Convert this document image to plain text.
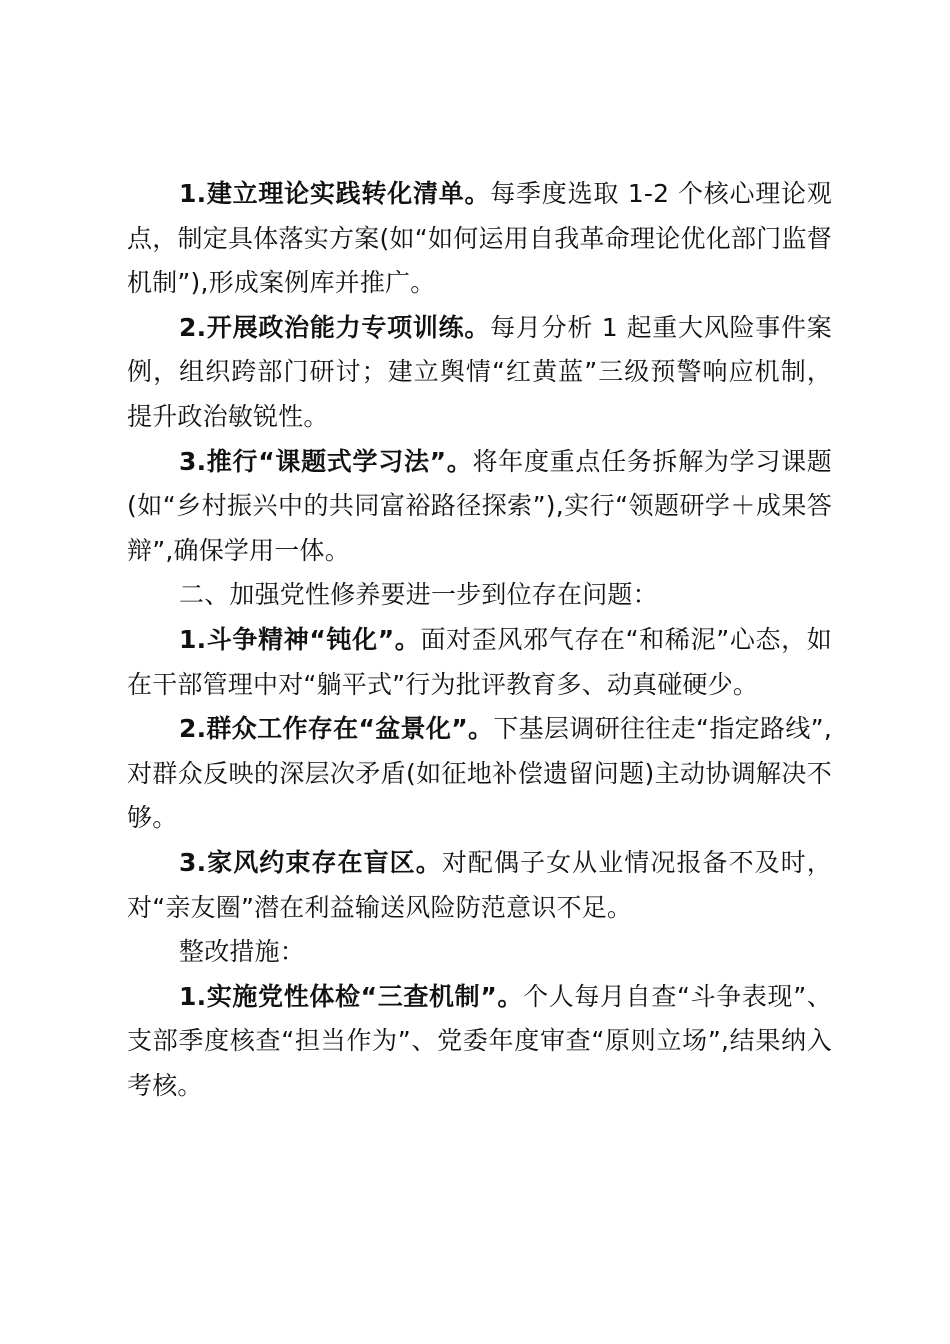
1.建立理论实践转化清单。每季度选取 1-2 个核心理论观点，制定具体落实方案(如“如何运用自我革命理论优化部门监督机制”),形成案例库并推广。

2.开展政治能力专项训练。每月分析 1 起重大风险事件案例，组织跨部门研讨；建立舆情“红黄蓝”三级预警响应机制，提升政治敏锐性。

3.推行“课题式学习法”。将年度重点任务拆解为学习课题 (如“乡村振兴中的共同富裕路径探索”),实行“领题研学＋成果答辩”,确保学用一体。

二、加强党性修养要进一步到位存在问题：

1.斗争精神“钝化”。面对歪风邪气存在“和稀泥”心态，如在干部管理中对“躺平式”行为批评教育多、动真碰硬少。

2.群众工作存在“盆景化”。下基层调研往往走“指定路线”,对群众反映的深层次矛盾(如征地补偿遗留问题)主动协调解决不够。

3.家风约束存在盲区。对配偶子女从业情况报备不及时，对“亲友圈”潜在利益输送风险防范意识不足。

整改措施：

1.实施党性体检“三查机制”。个人每月自查“斗争表现”、支部季度核查“担当作为”、党委年度审查“原则立场”,结果纳入考核。
